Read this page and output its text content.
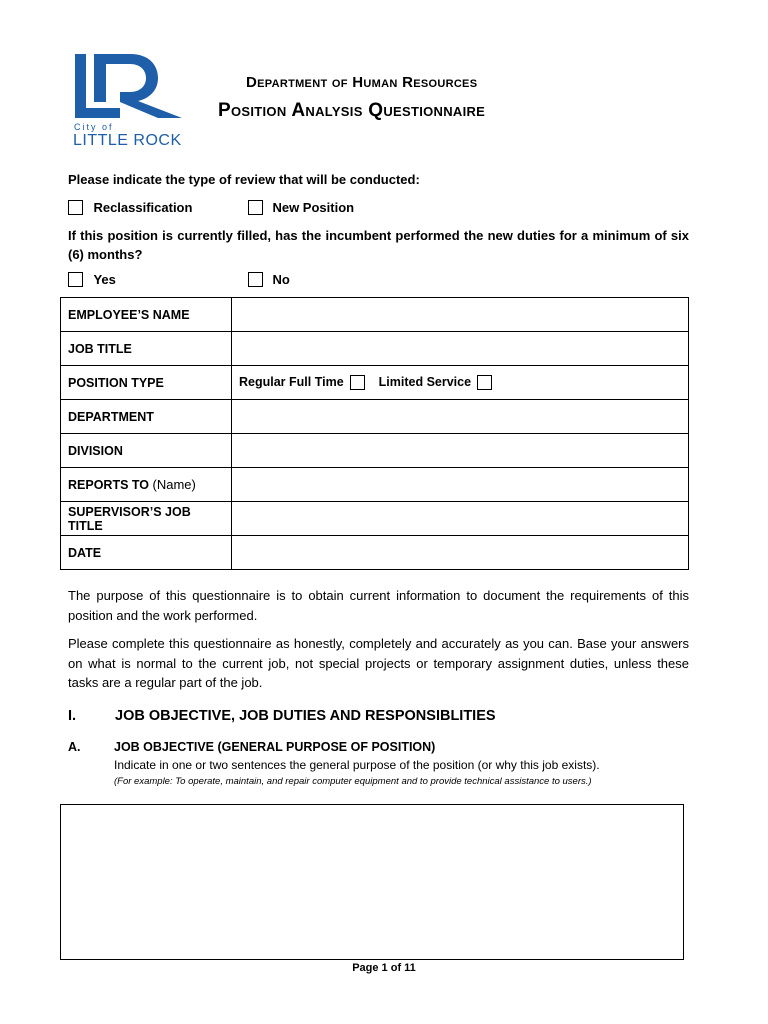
City of
LITTLE ROCK
Department of Human Resources
Position Analysis Questionnaire
Please indicate the type of review that will be conducted:
Reclassification	New Position
If this position is currently filled, has the incumbent performed the new duties for a minimum of six (6) months?
Yes	No
EMPLOYEE’S NAME	
JOB TITLE	
POSITION TYPE	Regular Full Time Limited Service
DEPARTMENT	
DIVISION	
REPORTS TO (Name)	
SUPERVISOR’S JOB TITLE	
DATE	
The purpose of this questionnaire is to obtain current information to document the requirements of this position and the work performed.
Please complete this questionnaire as honestly, completely and accurately as you can. Base your answers on what is normal to the current job, not special projects or temporary assignment duties, unless these tasks are a regular part of the job.
I.	JOB OBJECTIVE, JOB DUTIES AND RESPONSIBLITIES
A.	JOB OBJECTIVE (GENERAL PURPOSE OF POSITION)
Indicate in one or two sentences the general purpose of the position (or why this job exists).
(For example: To operate, maintain, and repair computer equipment and to provide technical assistance to users.)
Page 1 of 11
